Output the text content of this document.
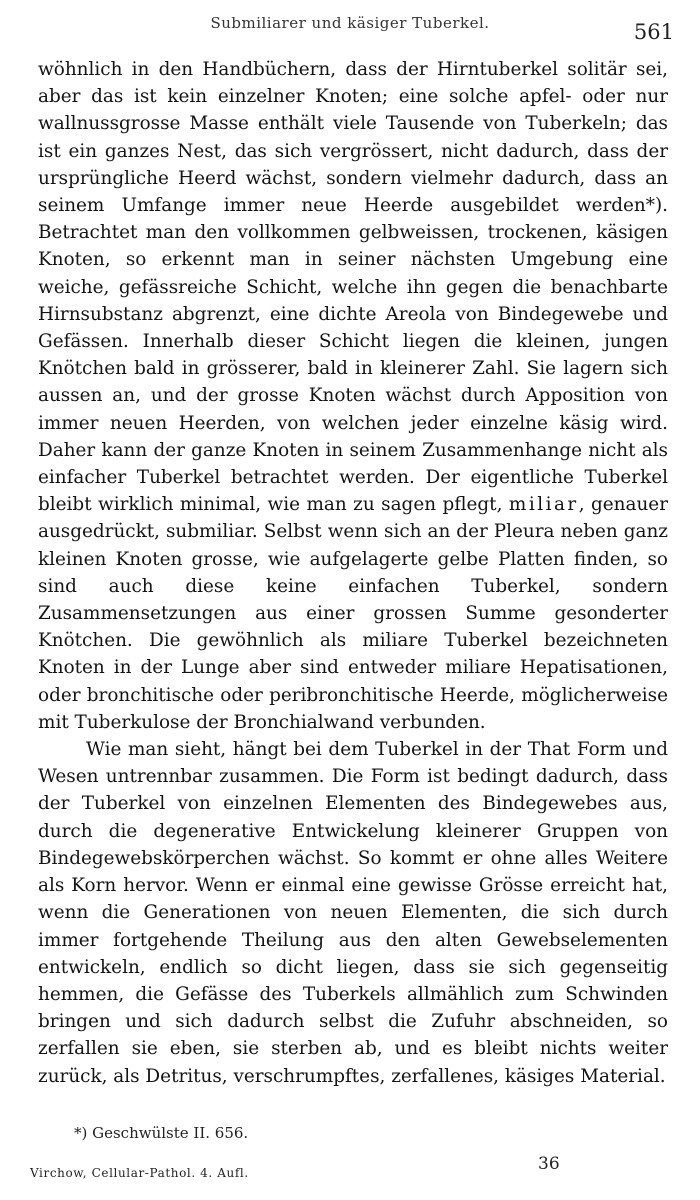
Submiliarer und käsiger Tuberkel.	561

wöhnlich in den Handbüchern, dass der Hirntuberkel solitär sei, aber das ist kein einzelner Knoten; eine solche apfel- oder nur wallnussgrosse Masse enthält viele Tausende von Tuberkeln; das ist ein ganzes Nest, das sich vergrössert, nicht dadurch, dass der ursprüngliche Heerd wächst, sondern vielmehr dadurch, dass an seinem Umfange immer neue Heerde ausgebildet werden*). Betrachtet man den vollkommen gelbweissen, trockenen, käsigen Knoten, so erkennt man in seiner nächsten Umgebung eine weiche, gefässreiche Schicht, welche ihn gegen die benachbarte Hirnsubstanz abgrenzt, eine dichte Areola von Bindegewebe und Gefässen. Innerhalb dieser Schicht liegen die kleinen, jungen Knötchen bald in grösserer, bald in kleinerer Zahl. Sie lagern sich aussen an, und der grosse Knoten wächst durch Apposition von immer neuen Heerden, von welchen jeder einzelne käsig wird. Daher kann der ganze Knoten in seinem Zusammenhange nicht als einfacher Tuberkel betrachtet werden. Der eigentliche Tuberkel bleibt wirklich minimal, wie man zu sagen pflegt, miliar, genauer ausgedrückt, submiliar. Selbst wenn sich an der Pleura neben ganz kleinen Knoten grosse, wie aufgelagerte gelbe Platten finden, so sind auch diese keine einfachen Tuberkel, sondern Zusammensetzungen aus einer grossen Summe gesonderter Knötchen. Die gewöhnlich als miliare Tuberkel bezeichneten Knoten in der Lunge aber sind entweder miliare Hepatisationen, oder bronchitische oder peribronchitische Heerde, möglicherweise mit Tuberkulose der Bronchialwand verbunden.

Wie man sieht, hängt bei dem Tuberkel in der That Form und Wesen untrennbar zusammen. Die Form ist bedingt dadurch, dass der Tuberkel von einzelnen Elementen des Bindegewebes aus, durch die degenerative Entwickelung kleinerer Gruppen von Bindegewebskörperchen wächst. So kommt er ohne alles Weitere als Korn hervor. Wenn er einmal eine gewisse Grösse erreicht hat, wenn die Generationen von neuen Elementen, die sich durch immer fortgehende Theilung aus den alten Gewebselementen entwickeln, endlich so dicht liegen, dass sie sich gegenseitig hemmen, die Gefässe des Tuberkels allmählich zum Schwinden bringen und sich dadurch selbst die Zufuhr abschneiden, so zerfallen sie eben, sie sterben ab, und es bleibt nichts weiter zurück, als Detritus, verschrumpftes, zerfallenes, käsiges Material.

*) Geschwülste II. 656.
Virchow, Cellular-Pathol. 4. Aufl.	36
